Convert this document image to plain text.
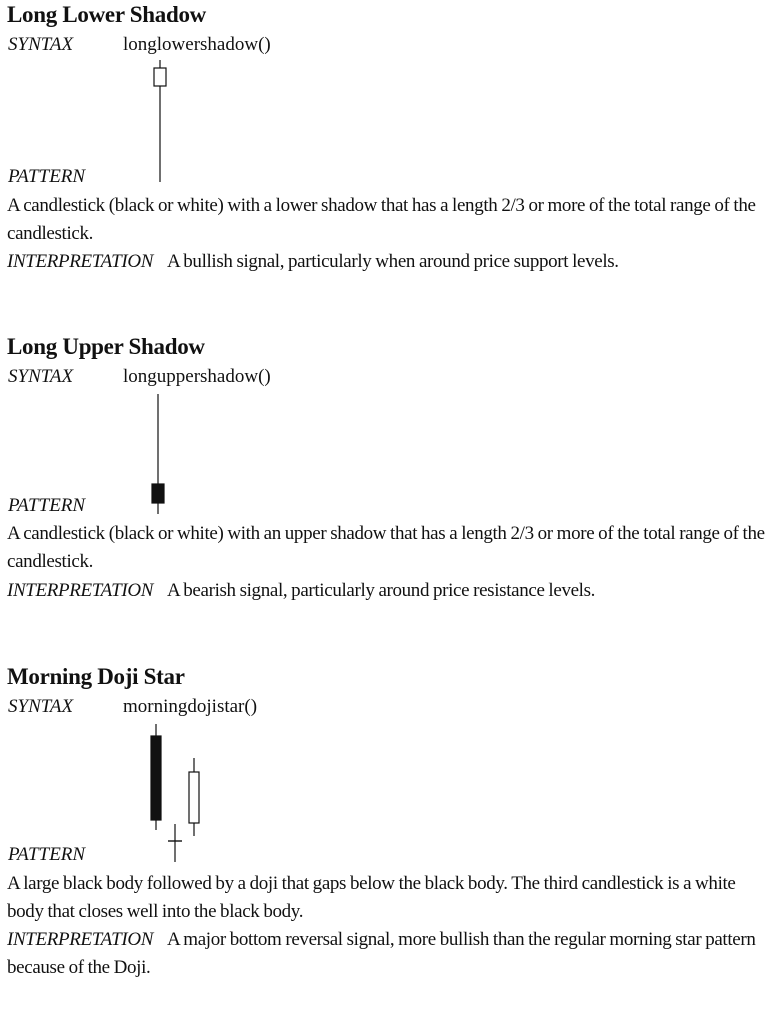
Long Lower Shadow
SYNTAX	longlowershadow()
PATTERN
A candlestick (black or white) with a lower shadow that has a length 2/3 or more of the total range of the candlestick.
INTERPRETATION A bullish signal, particularly when around price support levels.
Long Upper Shadow
SYNTAX	longuppershadow()
PATTERN
A candlestick (black or white) with an upper shadow that has a length 2/3 or more of the total range of the candlestick.
INTERPRETATION A bearish signal, particularly around price resistance levels.
Morning Doji Star
SYNTAX	morningdojistar()
PATTERN
A large black body followed by a doji that gaps below the black body. The third candlestick is a white body that closes well into the black body.
INTERPRETATION A major bottom reversal signal, more bullish than the regular morning star pattern because of the Doji.
